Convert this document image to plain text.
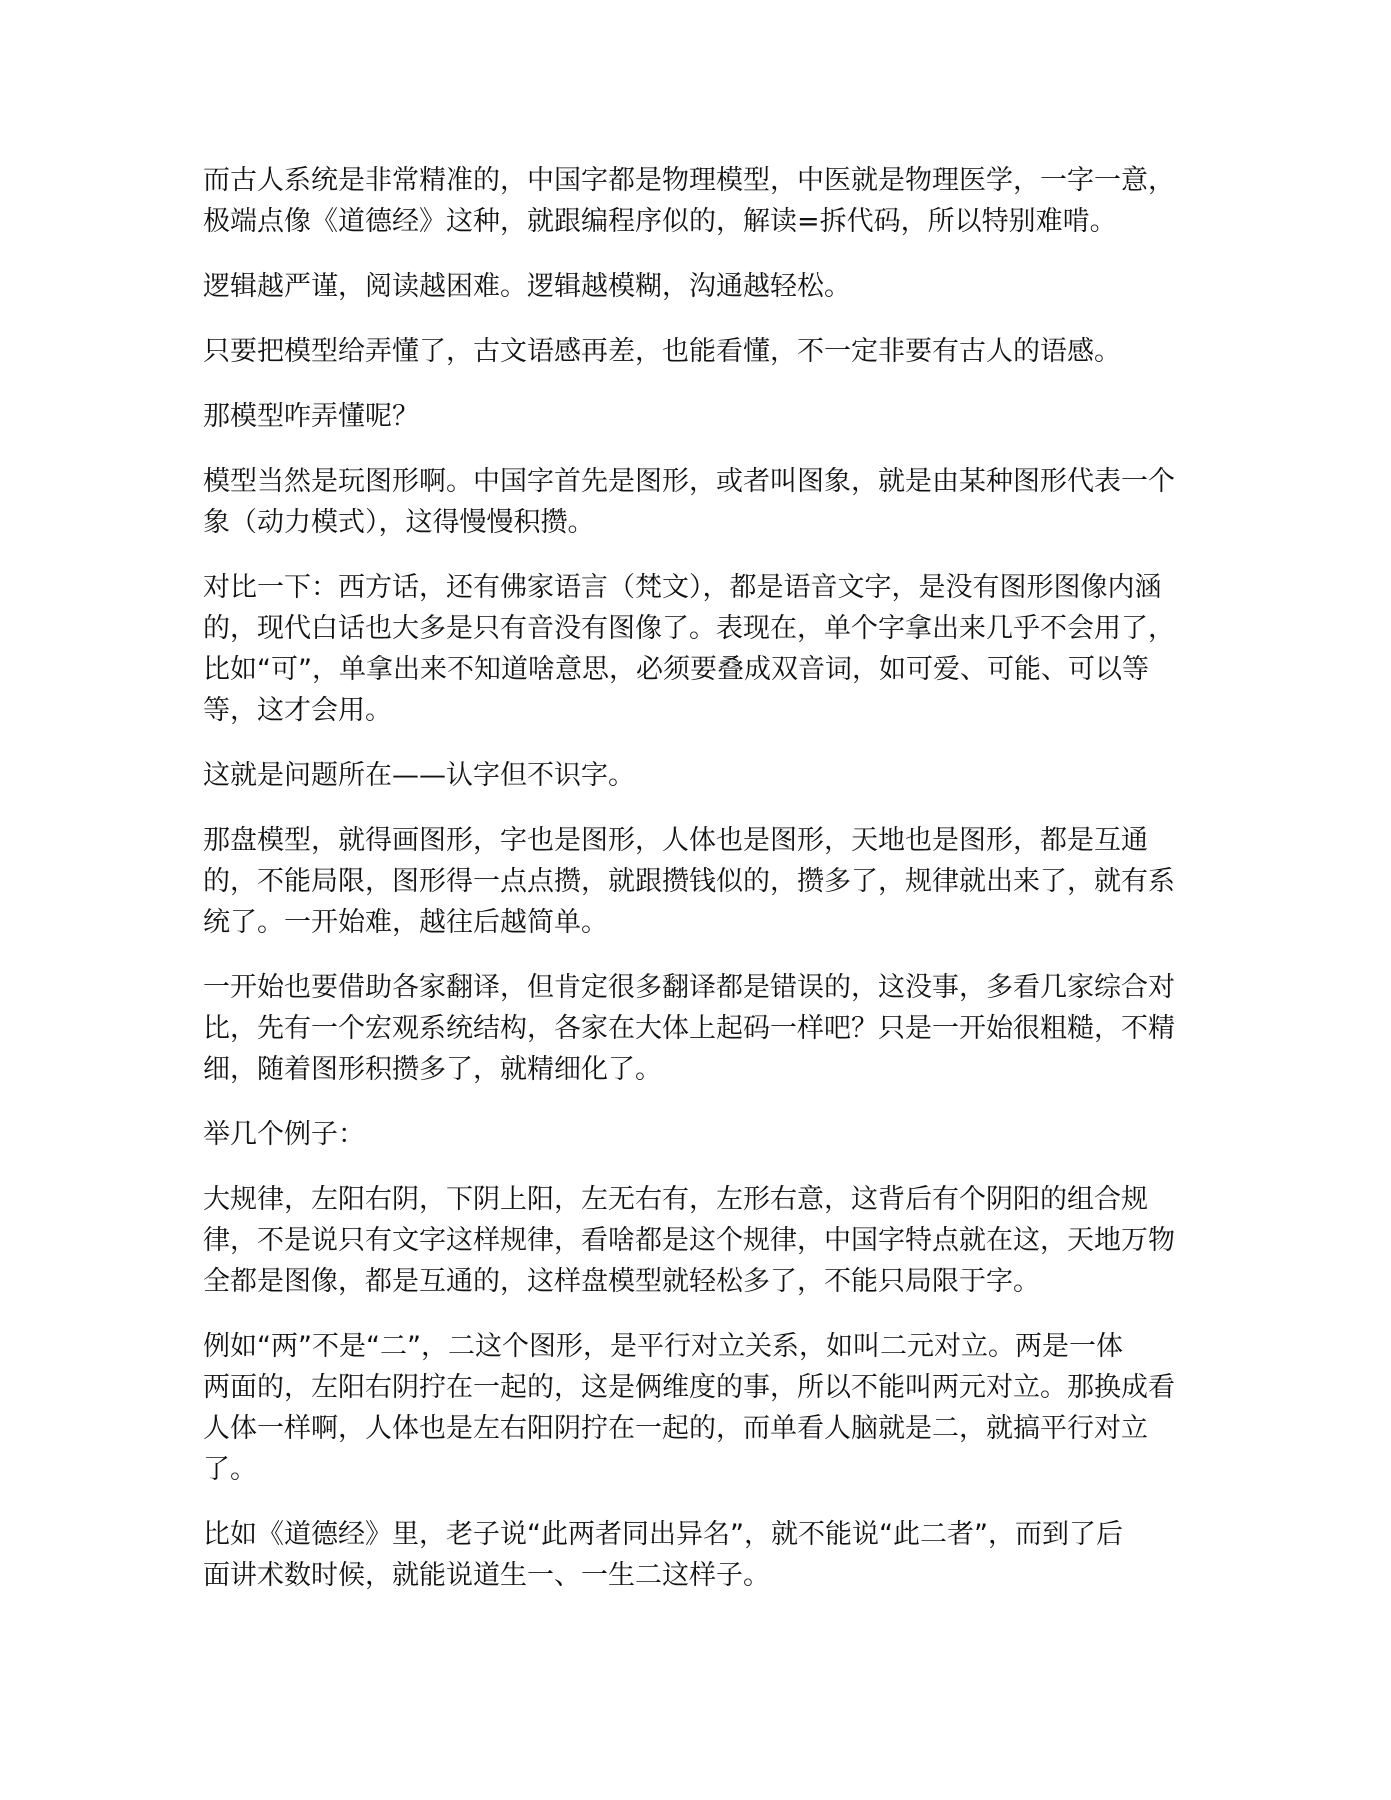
而古人系统是非常精准的，中国字都是物理模型，中医就是物理医学，一字一意，
极端点像《道德经》这种，就跟编程序似的，解读=拆代码，所以特别难啃。

逻辑越严谨，阅读越困难。逻辑越模糊，沟通越轻松。

只要把模型给弄懂了，古文语感再差，也能看懂，不一定非要有古人的语感。

那模型咋弄懂呢？

模型当然是玩图形啊。中国字首先是图形，或者叫图象，就是由某种图形代表一个
象（动力模式），这得慢慢积攒。

对比一下：西方话，还有佛家语言（梵文），都是语音文字，是没有图形图像内涵
的，现代白话也大多是只有音没有图像了。表现在，单个字拿出来几乎不会用了，
比如“可”，单拿出来不知道啥意思，必须要叠成双音词，如可爱、可能、可以等
等，这才会用。

这就是问题所在——认字但不识字。

那盘模型，就得画图形，字也是图形，人体也是图形，天地也是图形，都是互通
的，不能局限，图形得一点点攒，就跟攒钱似的，攒多了，规律就出来了，就有系
统了。一开始难，越往后越简单。

一开始也要借助各家翻译，但肯定很多翻译都是错误的，这没事，多看几家综合对
比，先有一个宏观系统结构，各家在大体上起码一样吧？只是一开始很粗糙，不精
细，随着图形积攒多了，就精细化了。

举几个例子：

大规律，左阳右阴，下阴上阳，左无右有，左形右意，这背后有个阴阳的组合规
律，不是说只有文字这样规律，看啥都是这个规律，中国字特点就在这，天地万物
全都是图像，都是互通的，这样盘模型就轻松多了，不能只局限于字。

例如“两”不是“二”，二这个图形，是平行对立关系，如叫二元对立。两是一体
两面的，左阳右阴拧在一起的，这是俩维度的事，所以不能叫两元对立。那换成看
人体一样啊，人体也是左右阳阴拧在一起的，而单看人脑就是二，就搞平行对立
了。

比如《道德经》里，老子说“此两者同出异名”，就不能说“此二者”，而到了后
面讲术数时候，就能说道生一、一生二这样子。
